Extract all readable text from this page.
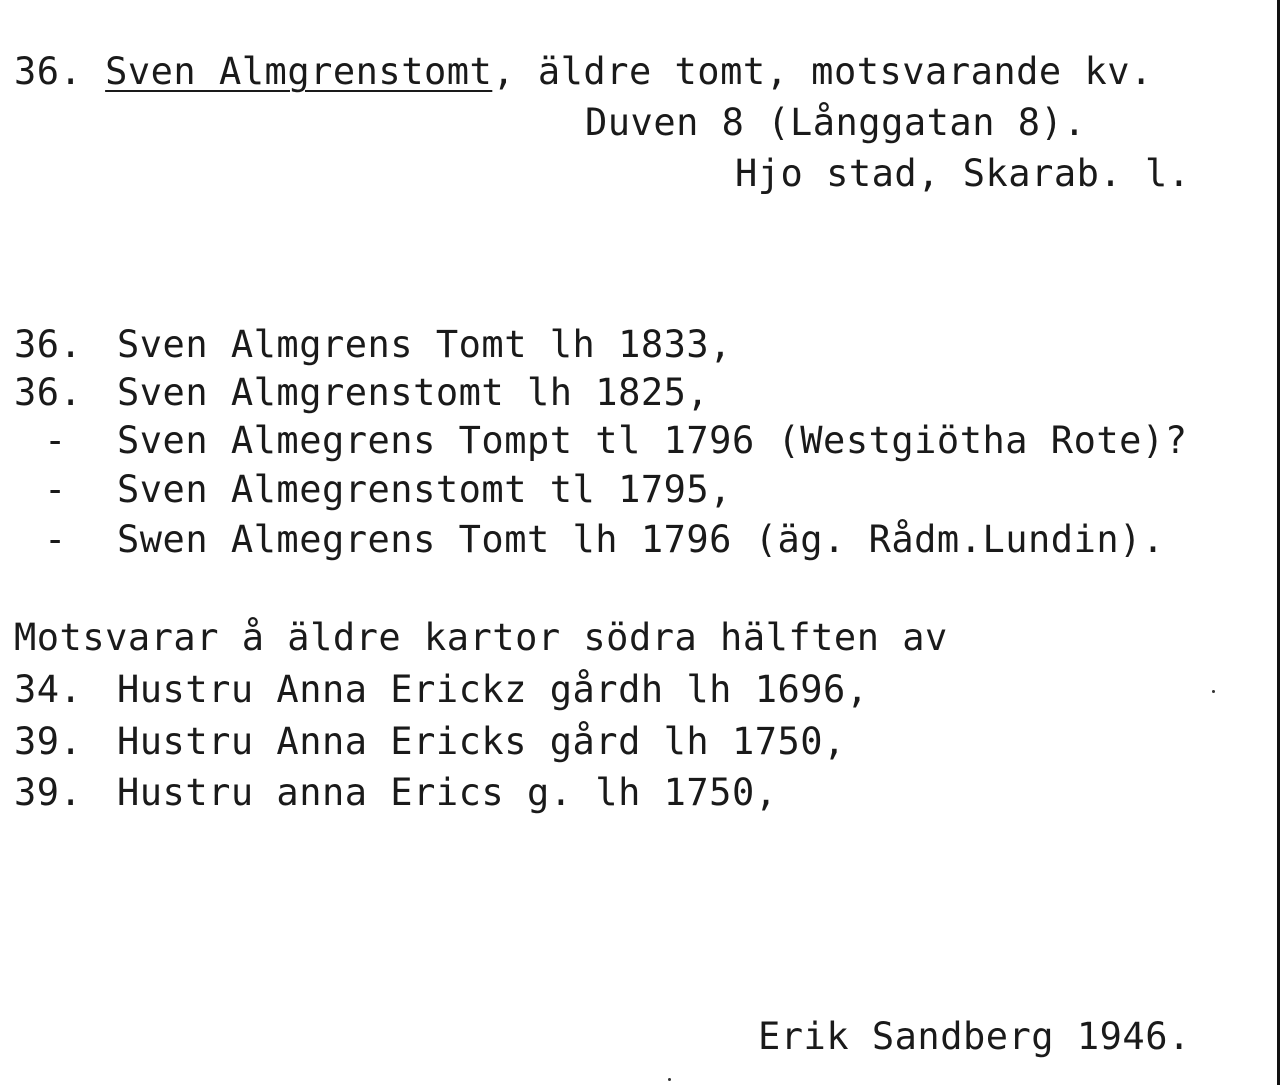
36. Sven Almgrenstomt, äldre tomt, motsvarande kv.
Duven 8 (Långgatan 8).
Hjo stad, Skarab. l.
36. Sven Almgrens Tomt lh 1833,
36. Sven Almgrenstomt lh 1825,
- Sven Almegrens Tompt tl 1796 (Westgiötha Rote)?
- Sven Almegrenstomt tl 1795,
- Swen Almegrens Tomt lh 1796 (äg. Rådm.Lundin).
Motsvarar å äldre kartor södra hälften av
34. Hustru Anna Erickz gårdh lh 1696,
39. Hustru Anna Ericks gård lh 1750,
39. Hustru anna Erics g. lh 1750,
Erik Sandberg 1946.
